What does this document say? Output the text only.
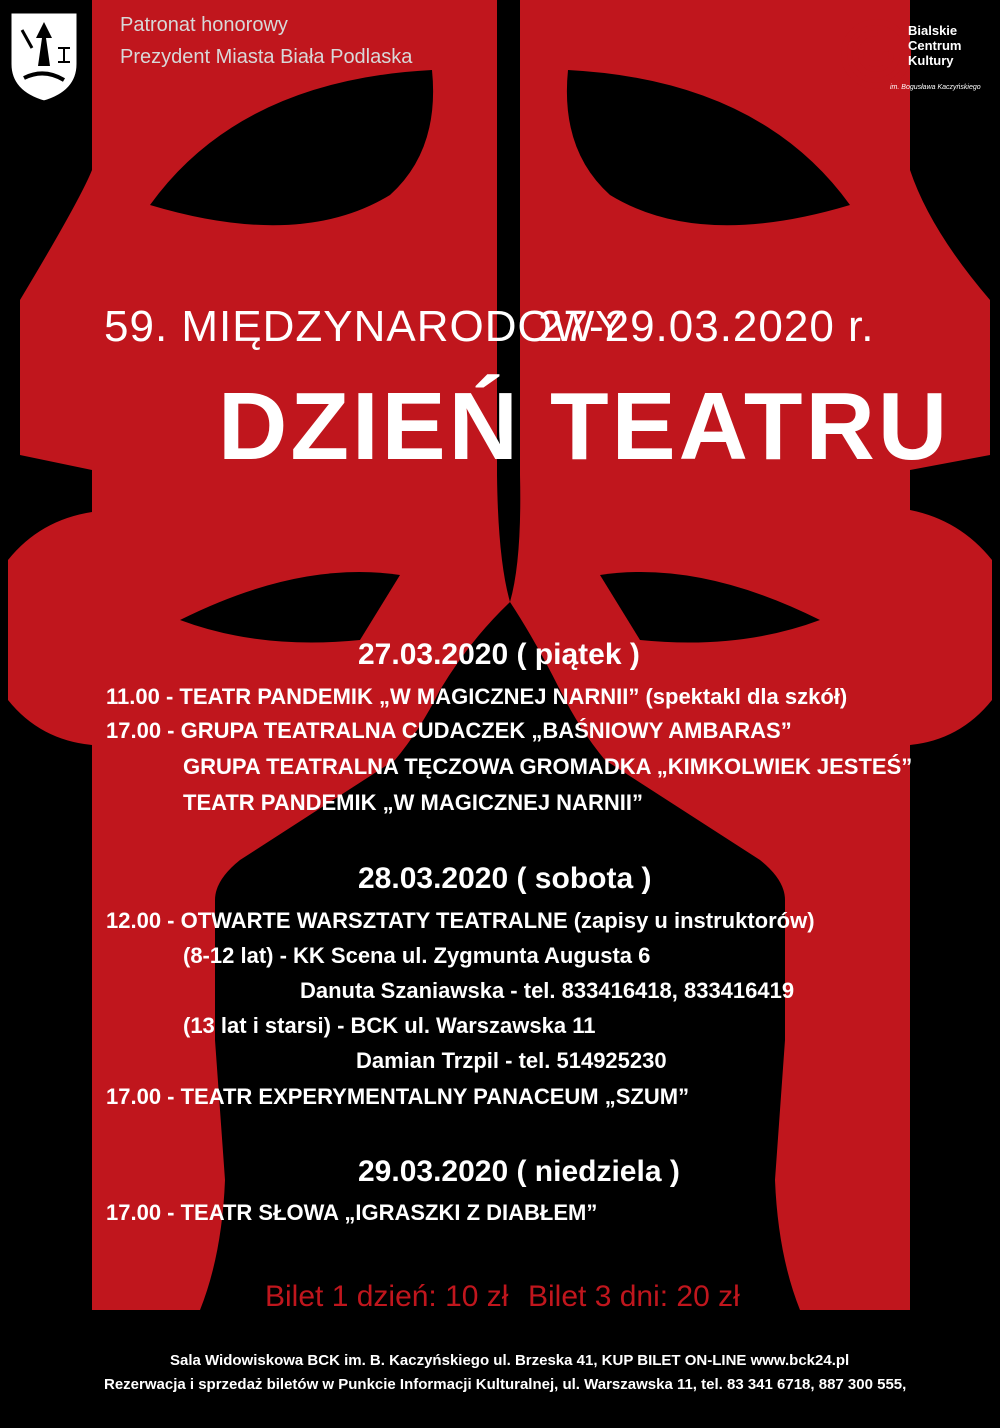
Patronat honorowy
Prezydent Miasta Biała Podlaska
Bialskie
Centrum
Kultury
im. Bogusława Kaczyńskiego
59. MIĘDZYNARODOWY
27-29.03.2020 r.
DZIEŃ TEATRU
27.03.2020 ( piątek )
11.00 - TEATR PANDEMIK „W MAGICZNEJ NARNII” (spektakl dla szkół)
17.00 - GRUPA TEATRALNA CUDACZEK „BAŚNIOWY AMBARAS”
GRUPA TEATRALNA TĘCZOWA GROMADKA „KIMKOLWIEK JESTEŚ”
TEATR PANDEMIK „W MAGICZNEJ NARNII”
28.03.2020 ( sobota )
12.00 - OTWARTE WARSZTATY TEATRALNE (zapisy u instruktorów)
(8-12 lat) - KK Scena ul. Zygmunta Augusta 6
Danuta Szaniawska - tel. 833416418, 833416419
(13 lat i starsi) - BCK ul. Warszawska 11
Damian Trzpil - tel. 514925230
17.00 - TEATR EXPERYMENTALNY PANACEUM „SZUM”
29.03.2020 ( niedziela )
17.00 - TEATR SŁOWA „IGRASZKI Z DIABŁEM”
Bilet 1 dzień: 10 zł Bilet 3 dni: 20 zł
Sala Widowiskowa BCK im. B. Kaczyńskiego ul. Brzeska 41, KUP BILET ON-LINE www.bck24.pl
Rezerwacja i sprzedaż biletów w Punkcie Informacji Kulturalnej, ul. Warszawska 11, tel. 83 341 6718, 887 300 555,
